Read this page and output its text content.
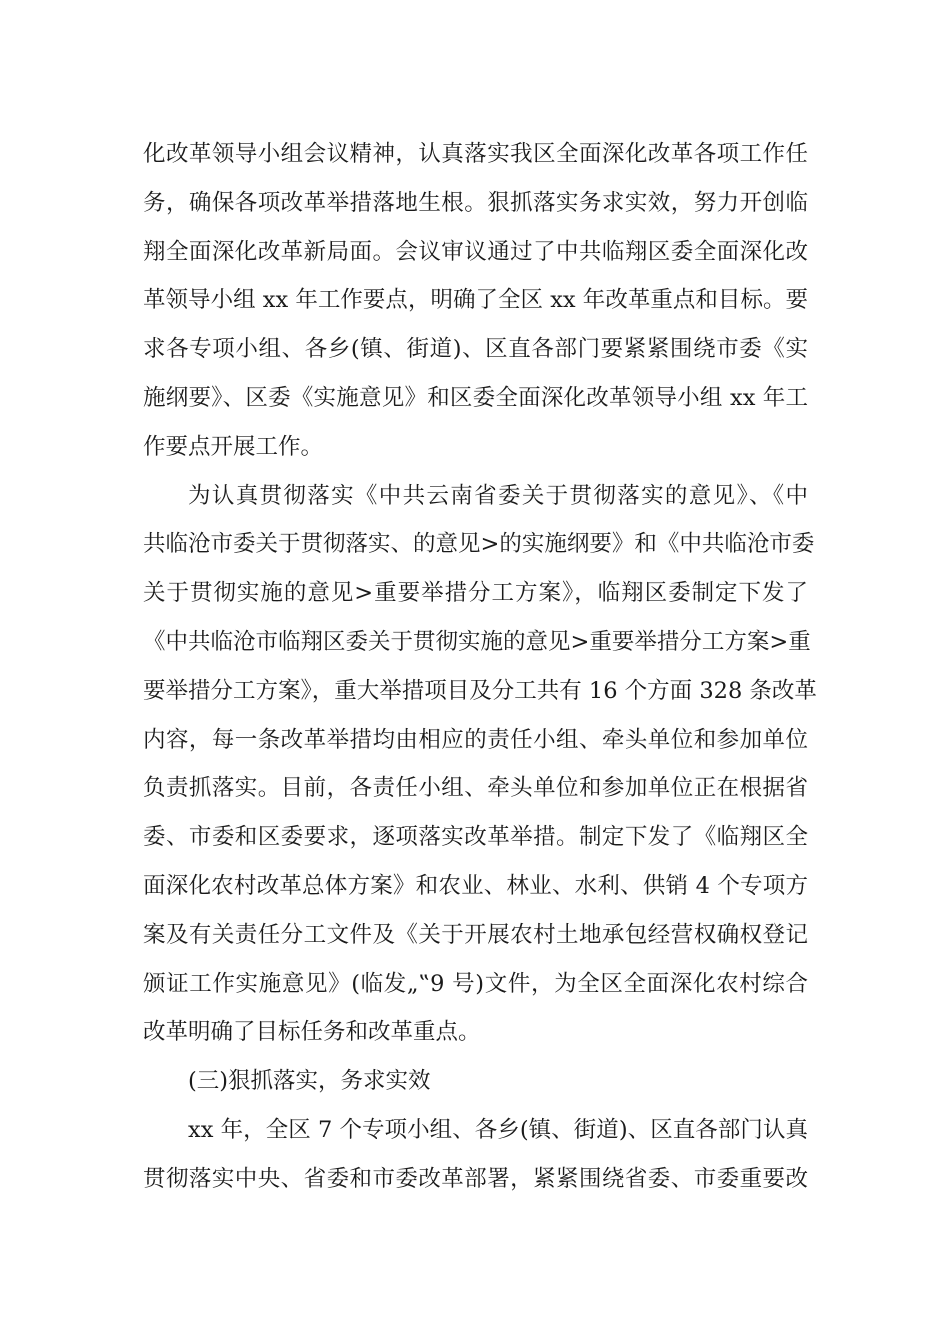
化改革领导小组会议精神，认真落实我区全面深化改革各项工作任
务，确保各项改革举措落地生根。狠抓落实务求实效，努力开创临
翔全面深化改革新局面。会议审议通过了中共临翔区委全面深化改
革领导小组 xx 年工作要点，明确了全区 xx 年改革重点和目标。要
求各专项小组、各乡(镇、街道)、区直各部门要紧紧围绕市委《实
施纲要》、区委《实施意见》和区委全面深化改革领导小组 xx 年工
作要点开展工作。
为认真贯彻落实《中共云南省委关于贯彻落实的意见》、《中
共临沧市委关于贯彻落实、的意见>的实施纲要》和《中共临沧市委
关于贯彻实施的意见>重要举措分工方案》，临翔区委制定下发了
《中共临沧市临翔区委关于贯彻实施的意见>重要举措分工方案>重
要举措分工方案》，重大举措项目及分工共有 16 个方面 328 条改革
内容，每一条改革举措均由相应的责任小组、牵头单位和参加单位
负责抓落实。目前，各责任小组、牵头单位和参加单位正在根据省
委、市委和区委要求，逐项落实改革举措。制定下发了《临翔区全
面深化农村改革总体方案》和农业、林业、水利、供销 4 个专项方
案及有关责任分工文件及《关于开展农村土地承包经营权确权登记
颁证工作实施意见》(临发„‟9 号)文件，为全区全面深化农村综合
改革明确了目标任务和改革重点。
(三)狠抓落实，务求实效
xx 年，全区 7 个专项小组、各乡(镇、街道)、区直各部门认真
贯彻落实中央、省委和市委改革部署，紧紧围绕省委、市委重要改
